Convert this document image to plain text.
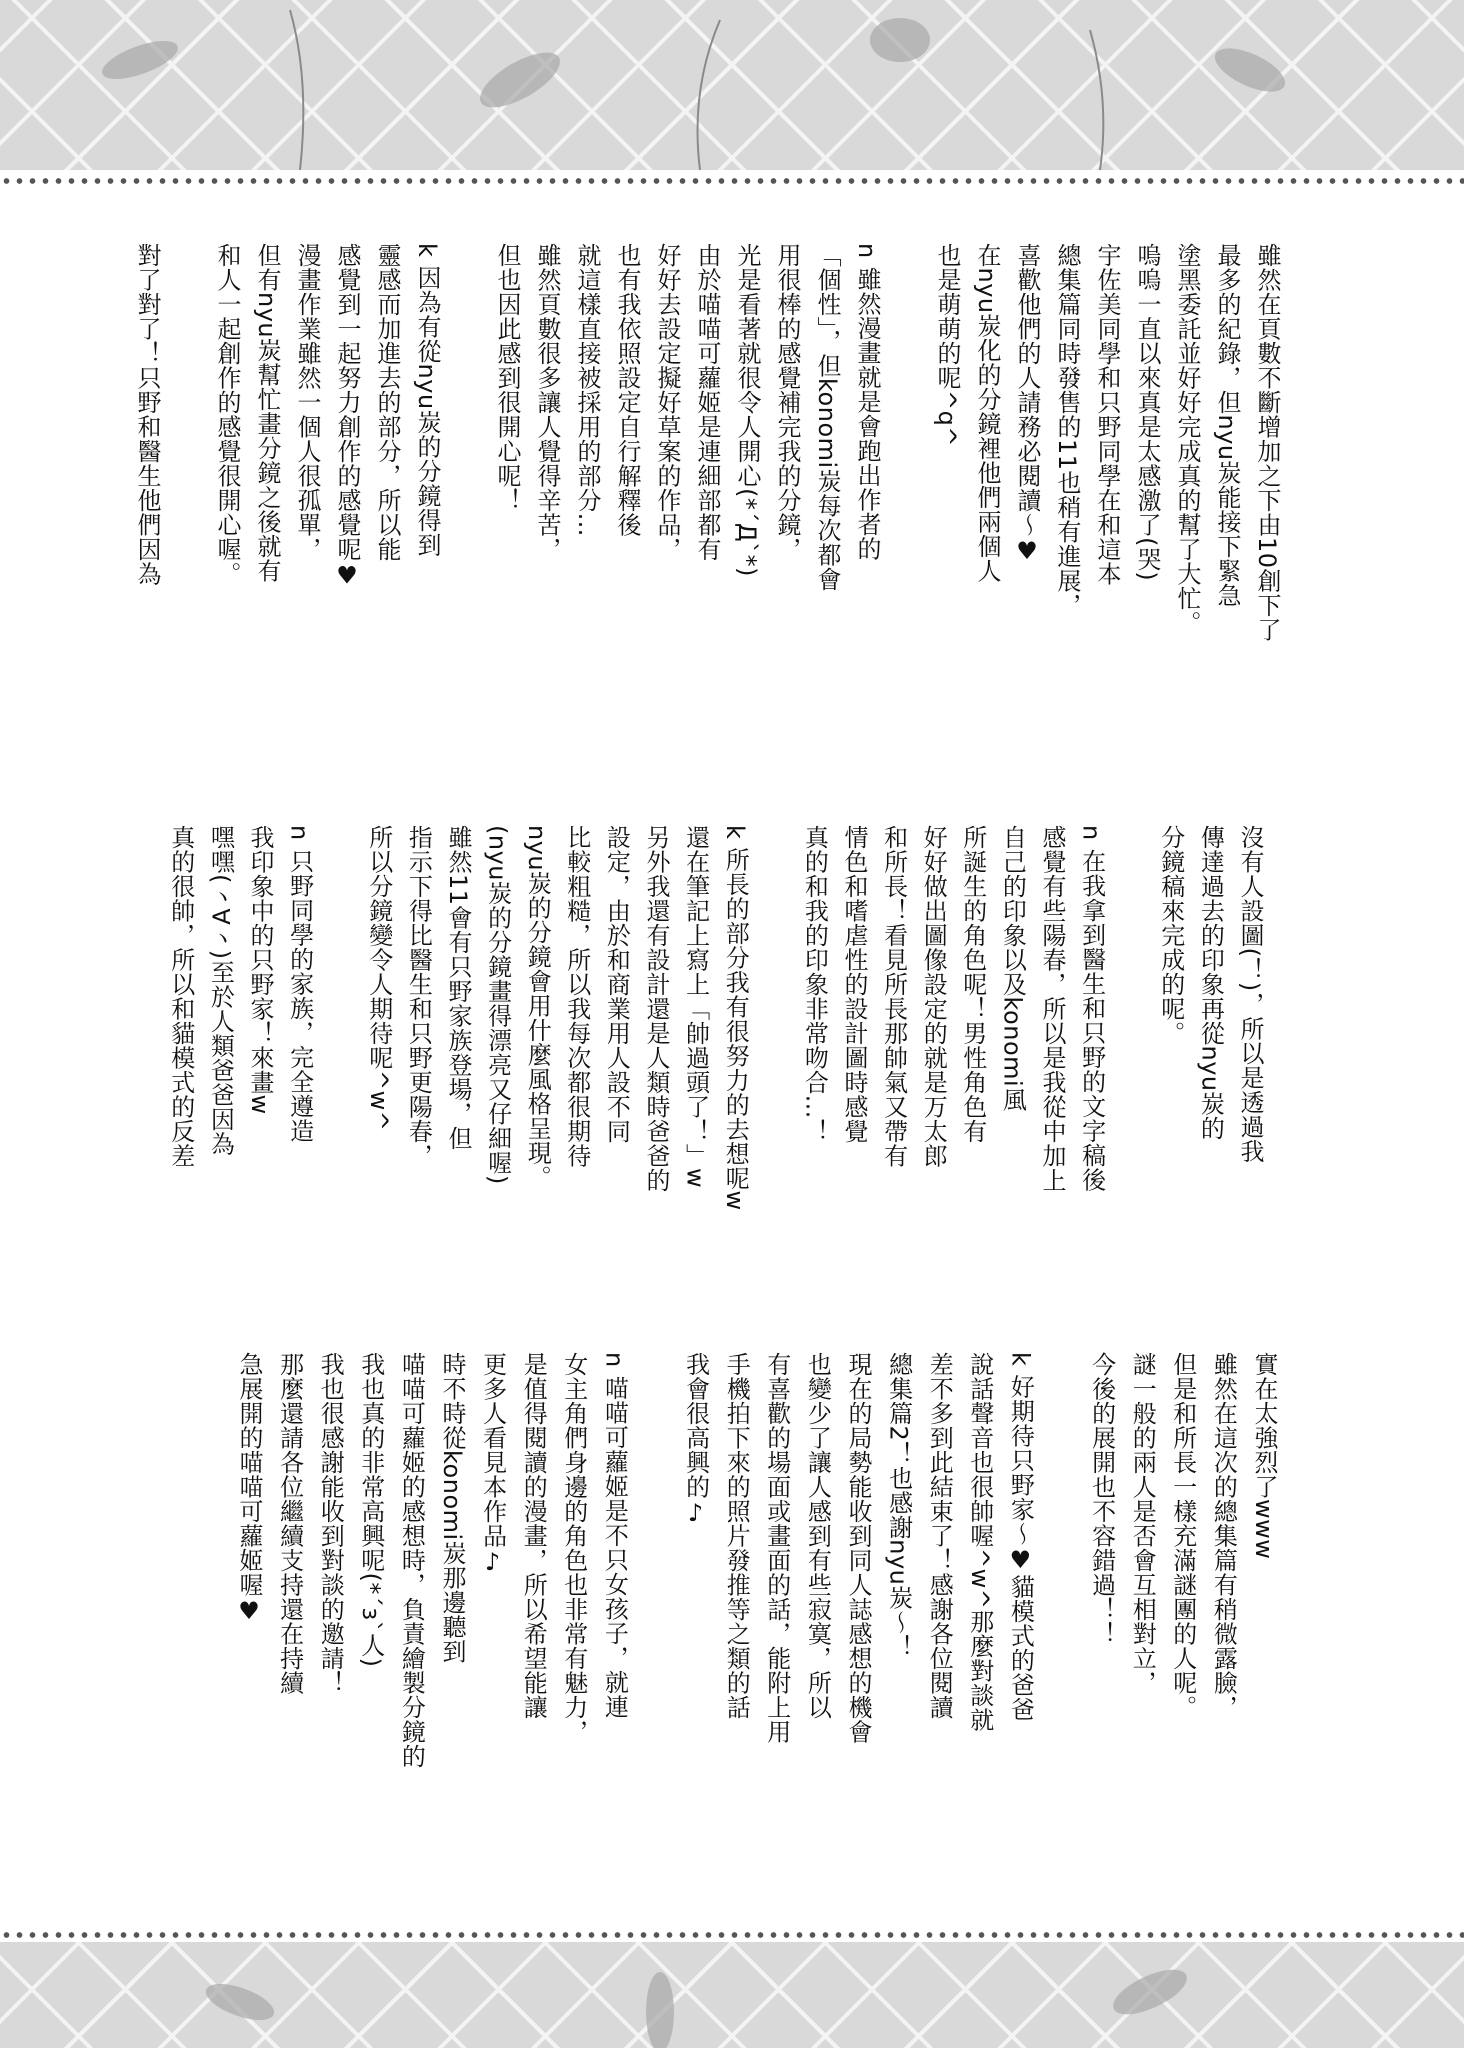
雖然在頁數不斷增加之下由10創下了
最多的紀錄，但nyu炭能接下緊急
塗黑委託並好好完成真的幫了大忙。
嗚嗚一直以來真是太感激了(哭)
宇佐美同學和只野同學在和這本
總集篇同時發售的11也稍有進展，
喜歡他們的人請務必閱讀～♥
在nyu炭化的分鏡裡他們兩個人
也是萌萌的呢^q^
n 雖然漫畫就是會跑出作者的
「個性」，但konomi炭每次都會
用很棒的感覺補完我的分鏡，
光是看著就很令人開心(*´Д`*)
由於喵喵可蘿姬是連細部都有
好好去設定擬好草案的作品，
也有我依照設定自行解釋後
就這樣直接被採用的部分…
雖然頁數很多讓人覺得辛苦，
但也因此感到很開心呢！
k 因為有從nyu炭的分鏡得到
靈感而加進去的部分，所以能
感覺到一起努力創作的感覺呢♥
漫畫作業雖然一個人很孤單，
但有nyu炭幫忙畫分鏡之後就有
和人一起創作的感覺很開心喔。
對了對了！只野和醫生他們因為
沒有人設圖(！)，所以是透過我
傳達過去的印象再從nyu炭的
分鏡稿來完成的呢。
n 在我拿到醫生和只野的文字稿後
感覺有些陽春，所以是我從中加上
自己的印象以及konomi風
所誕生的角色呢！男性角色有
好好做出圖像設定的就是万太郎
和所長！看見所長那帥氣又帶有
情色和嗜虐性的設計圖時感覺
真的和我的印象非常吻合…！
k 所長的部分我有很努力的去想呢w
還在筆記上寫上「帥過頭了！」w
另外我還有設計還是人類時爸爸的
設定，由於和商業用人設不同
比較粗糙，所以我每次都很期待
nyu炭的分鏡會用什麼風格呈現。
(nyu炭的分鏡畫得漂亮又仔細喔)
雖然11會有只野家族登場，但
指示下得比醫生和只野更陽春，
所以分鏡變令人期待呢^w^
n 只野同學的家族，完全遵造
我印象中的只野家！來畫w
嘿嘿(ヽ∀ヽ)至於人類爸爸因為
真的很帥，所以和貓模式的反差
實在太強烈了www
雖然在這次的總集篇有稍微露臉，
但是和所長一樣充滿謎團的人呢。
謎一般的兩人是否會互相對立，
今後的展開也不容錯過！！
k 好期待只野家～♥貓模式的爸爸
說話聲音也很帥喔^w^那麼對談就
差不多到此結束了！感謝各位閱讀
總集篇2！也感謝nyu炭～！
現在的局勢能收到同人誌感想的機會
也變少了讓人感到有些寂寞，所以
有喜歡的場面或畫面的話，能附上用
手機拍下來的照片發推等之類的話
我會很高興的♪
n 喵喵可蘿姬是不只女孩子，就連
女主角們身邊的角色也非常有魅力，
是值得閱讀的漫畫，所以希望能讓
更多人看見本作品♪
時不時從konomi炭那邊聽到
喵喵可蘿姬的感想時，負責繪製分鏡的
我也真的非常高興呢(*´з`人)
我也很感謝能收到對談的邀請！
那麼還請各位繼續支持還在持續
急展開的喵喵可蘿姬喔♥
